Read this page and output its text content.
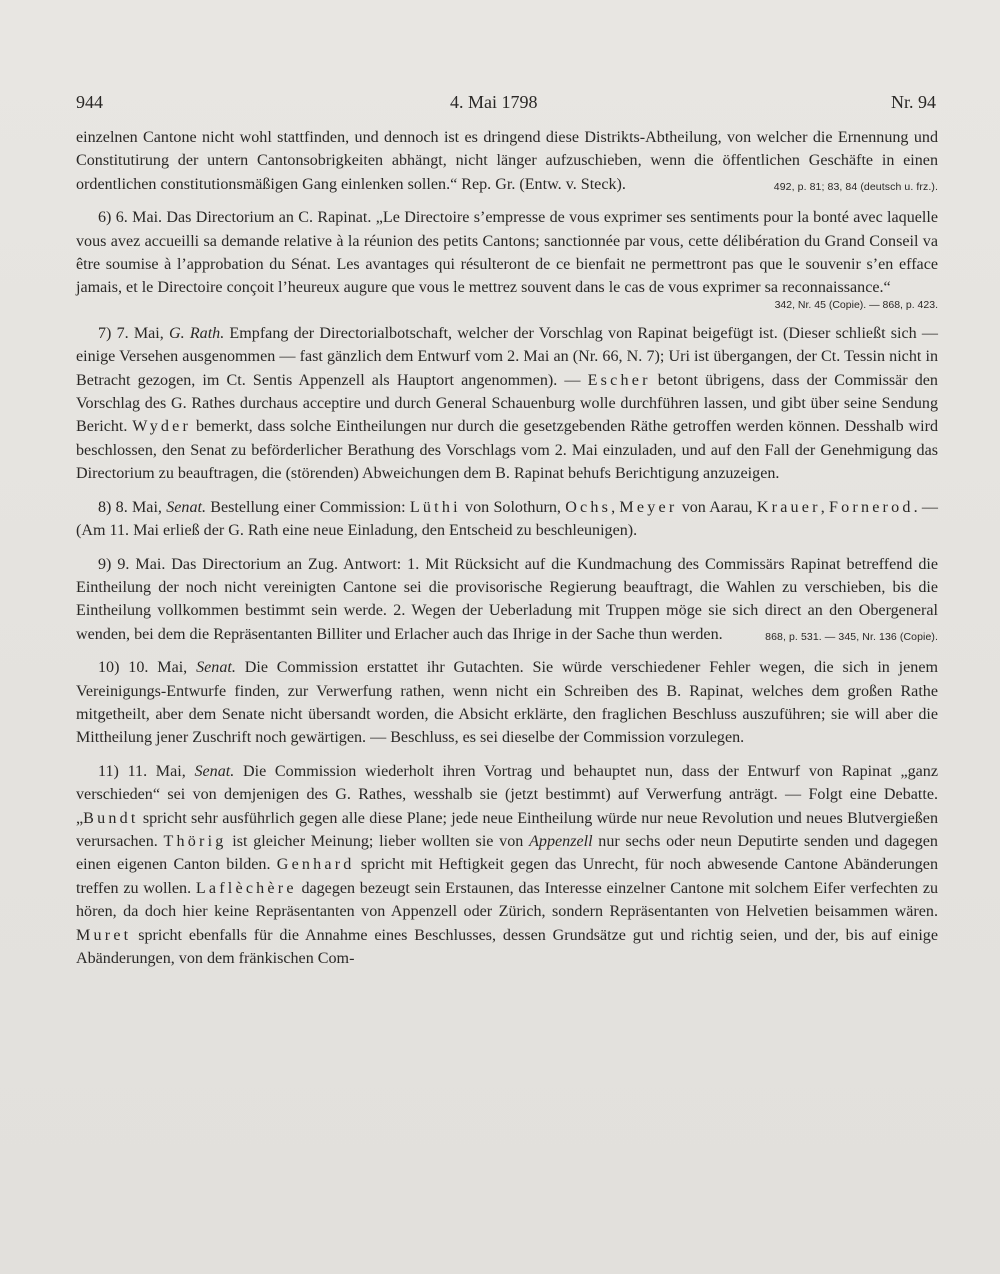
944	4. Mai 1798	Nr. 94

einzelnen Cantone nicht wohl stattfinden, und dennoch ist es dringend diese Distrikts-Abtheilung, von welcher die Ernennung und Constitutirung der untern Cantonsobrigkeiten abhängt, nicht länger aufzuschieben, wenn die öffentlichen Geschäfte in einen ordentlichen constitutionsmäßigen Gang einlenken sollen.“ Rep. Gr. (Entw. v. Steck).	492, p. 81; 83, 84 (deutsch u. frz.).

6) 6. Mai. Das Directorium an C. Rapinat. „Le Directoire s’empresse de vous exprimer ses sentiments pour la bonté avec laquelle vous avez accueilli sa demande relative à la réunion des petits Cantons; sanctionnée par vous, cette délibération du Grand Conseil va être soumise à l’approbation du Sénat. Les avantages qui résulteront de ce bienfait ne permettront pas que le souvenir s’en efface jamais, et le Directoire conçoit l’heureux augure que vous le mettrez souvent dans le cas de vous exprimer sa reconnaissance.“

342, Nr. 45 (Copie). — 868, p. 423.

7) 7. Mai, G. Rath. Empfang der Directorialbotschaft, welcher der Vorschlag von Rapinat beigefügt ist. (Dieser schließt sich — einige Versehen ausgenommen — fast gänzlich dem Entwurf vom 2. Mai an (Nr. 66, N. 7); Uri ist übergangen, der Ct. Tessin nicht in Betracht gezogen, im Ct. Sentis Appenzell als Hauptort angenommen). — Escher betont übrigens, dass der Commissär den Vorschlag des G. Rathes durchaus acceptire und durch General Schauenburg wolle durchführen lassen, und gibt über seine Sendung Bericht. Wyder bemerkt, dass solche Eintheilungen nur durch die gesetzgebenden Räthe getroffen werden können. Desshalb wird beschlossen, den Senat zu beförderlicher Berathung des Vorschlags vom 2. Mai einzuladen, und auf den Fall der Genehmigung das Directorium zu beauftragen, die (störenden) Abweichungen dem B. Rapinat behufs Berichtigung anzuzeigen.

8) 8. Mai, Senat. Bestellung einer Commission: Lüthi von Solothurn, Ochs, Meyer von Aarau, Krauer, Fornerod. — (Am 11. Mai erließ der G. Rath eine neue Einladung, den Entscheid zu beschleunigen).

9) 9. Mai. Das Directorium an Zug. Antwort: 1. Mit Rücksicht auf die Kundmachung des Commissärs Rapinat betreffend die Eintheilung der noch nicht vereinigten Cantone sei die provisorische Regierung beauftragt, die Wahlen zu verschieben, bis die Eintheilung vollkommen bestimmt sein werde. 2. Wegen der Ueberladung mit Truppen möge sie sich direct an den Obergeneral wenden, bei dem die Repräsentanten Billiter und Erlacher auch das Ihrige in der Sache thun werden.	868, p. 531. — 345, Nr. 136 (Copie).

10) 10. Mai, Senat. Die Commission erstattet ihr Gutachten. Sie würde verschiedener Fehler wegen, die sich in jenem Vereinigungs-Entwurfe finden, zur Verwerfung rathen, wenn nicht ein Schreiben des B. Rapinat, welches dem großen Rathe mitgetheilt, aber dem Senate nicht übersandt worden, die Absicht erklärte, den fraglichen Beschluss auszuführen; sie will aber die Mittheilung jener Zuschrift noch gewärtigen. — Beschluss, es sei dieselbe der Commission vorzulegen.

11) 11. Mai, Senat. Die Commission wiederholt ihren Vortrag und behauptet nun, dass der Entwurf von Rapinat „ganz verschieden“ sei von demjenigen des G. Rathes, wesshalb sie (jetzt bestimmt) auf Verwerfung anträgt. — Folgt eine Debatte. „Bundt spricht sehr ausführlich gegen alle diese Plane; jede neue Eintheilung würde nur neue Revolution und neues Blutvergießen verursachen. Thörig ist gleicher Meinung; lieber wollten sie von Appenzell nur sechs oder neun Deputirte senden und dagegen einen eigenen Canton bilden. Genhard spricht mit Heftigkeit gegen das Unrecht, für noch abwesende Cantone Abänderungen treffen zu wollen. Laflèchère dagegen bezeugt sein Erstaunen, das Interesse einzelner Cantone mit solchem Eifer verfechten zu hören, da doch hier keine Repräsentanten von Appenzell oder Zürich, sondern Repräsentanten von Helvetien beisammen wären. Muret spricht ebenfalls für die Annahme eines Beschlusses, dessen Grundsätze gut und richtig seien, und der, bis auf einige Abänderungen, von dem fränkischen Com-
